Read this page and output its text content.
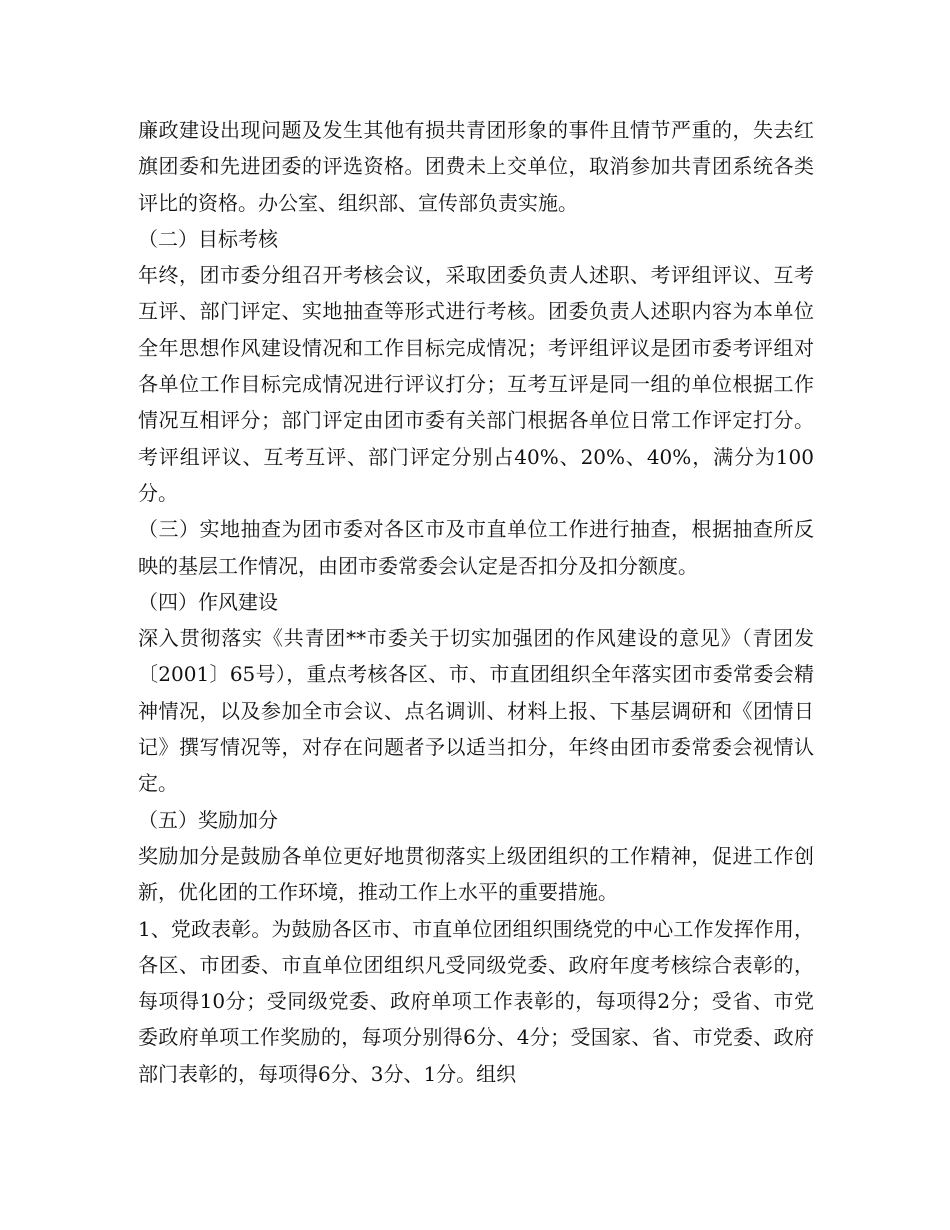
廉政建设出现问题及发生其他有损共青团形象的事件且情节严重的，失去红旗团委和先进团委的评选资格。团费未上交单位，取消参加共青团系统各类评比的资格。办公室、组织部、宣传部负责实施。

（二）目标考核

年终，团市委分组召开考核会议，采取团委负责人述职、考评组评议、互考互评、部门评定、实地抽查等形式进行考核。团委负责人述职内容为本单位全年思想作风建设情况和工作目标完成情况；考评组评议是团市委考评组对各单位工作目标完成情况进行评议打分；互考互评是同一组的单位根据工作情况互相评分；部门评定由团市委有关部门根据各单位日常工作评定打分。考评组评议、互考互评、部门评定分别占40%、20%、40%，满分为100分。

（三）实地抽查为团市委对各区市及市直单位工作进行抽查，根据抽查所反映的基层工作情况，由团市委常委会认定是否扣分及扣分额度。

（四）作风建设

深入贯彻落实《共青团**市委关于切实加强团的作风建设的意见》（青团发〔2001〕65号），重点考核各区、市、市直团组织全年落实团市委常委会精神情况，以及参加全市会议、点名调训、材料上报、下基层调研和《团情日记》撰写情况等，对存在问题者予以适当扣分，年终由团市委常委会视情认定。

（五）奖励加分

奖励加分是鼓励各单位更好地贯彻落实上级团组织的工作精神，促进工作创新，优化团的工作环境，推动工作上水平的重要措施。

1、党政表彰。为鼓励各区市、市直单位团组织围绕党的中心工作发挥作用，各区、市团委、市直单位团组织凡受同级党委、政府年度考核综合表彰的，每项得10分；受同级党委、政府单项工作表彰的，每项得2分；受省、市党委政府单项工作奖励的，每项分别得6分、4分；受国家、省、市党委、政府部门表彰的，每项得6分、3分、1分。组织
